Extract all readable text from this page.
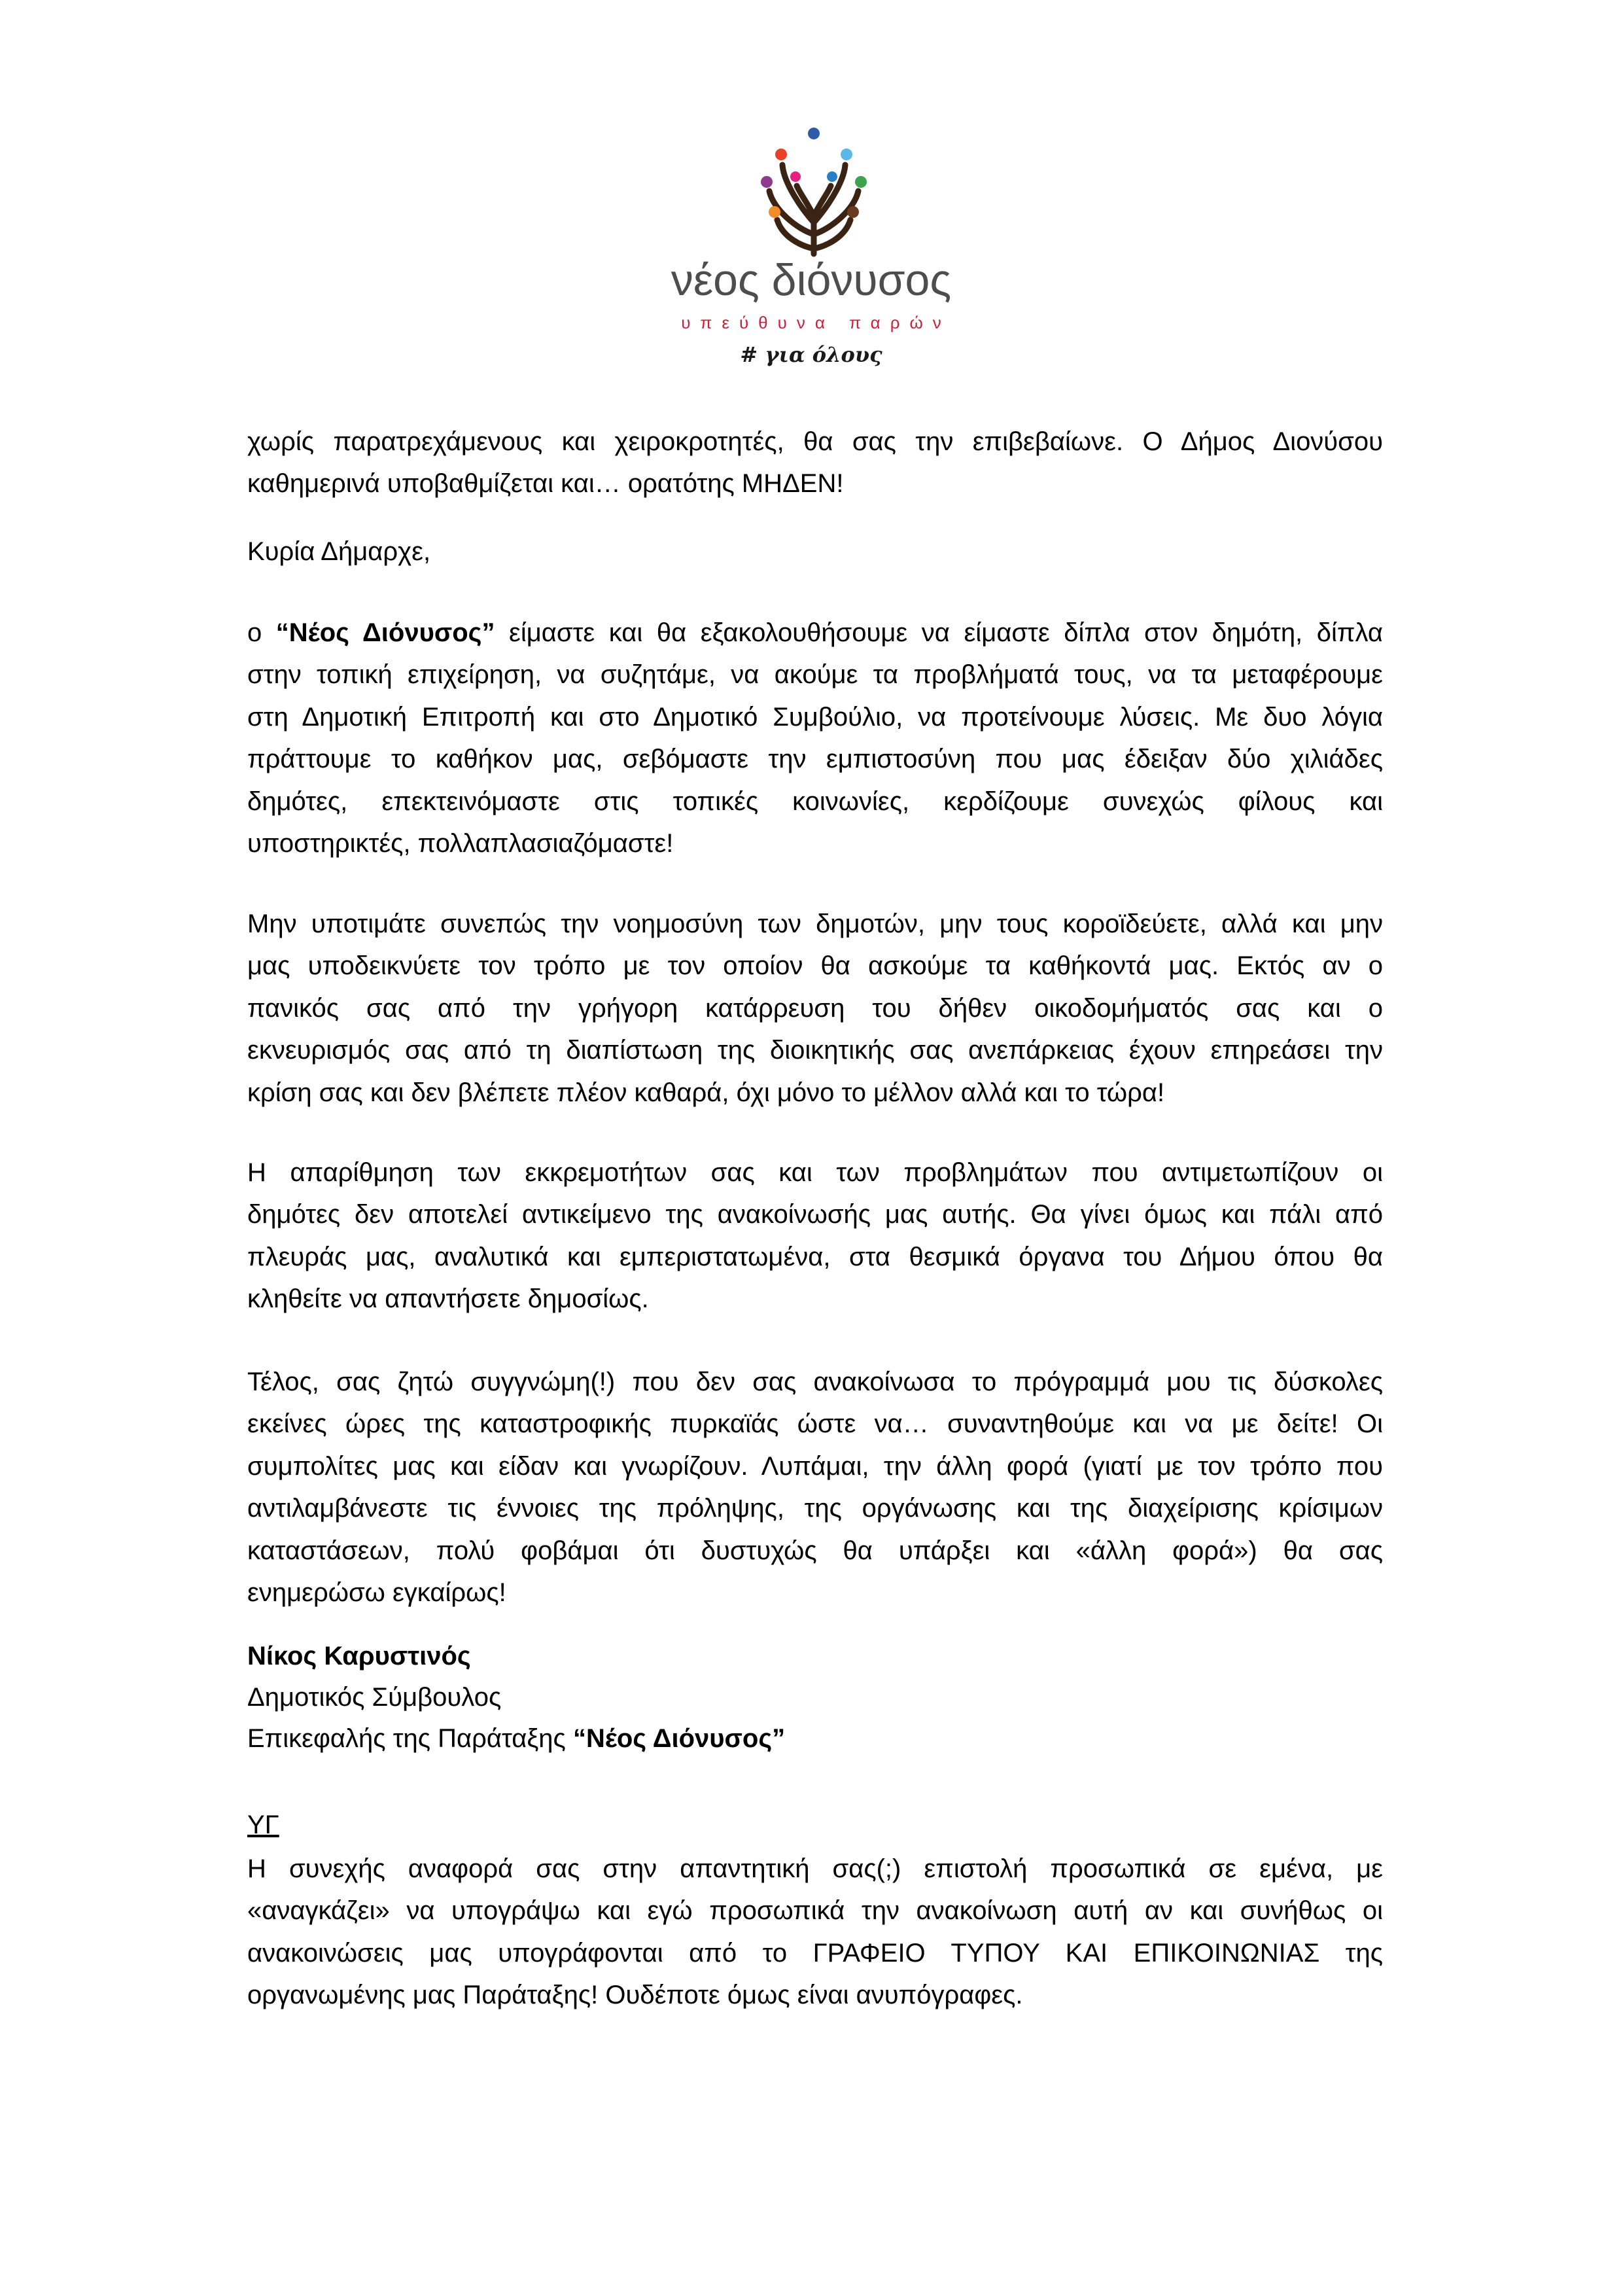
νέος διόνυσος
υπεύθυνα παρών
# για όλους
χωρίς παρατρεχάμενους και χειροκροτητές, θα σας την επιβεβαίωνε. Ο Δήμος Διονύσου
καθημερινά υποβαθμίζεται και… ορατότης ΜΗΔΕΝ!
Κυρία Δήμαρχε,
ο “Νέος Διόνυσος” είμαστε και θα εξακολουθήσουμε να είμαστε δίπλα στον δημότη, δίπλα
στην τοπική επιχείρηση, να συζητάμε, να ακούμε τα προβλήματά τους, να τα μεταφέρουμε
στη Δημοτική Επιτροπή και στο Δημοτικό Συμβούλιο, να προτείνουμε λύσεις. Με δυο λόγια
πράττουμε το καθήκον μας, σεβόμαστε την εμπιστοσύνη που μας έδειξαν δύο χιλιάδες
δημότες, επεκτεινόμαστε στις τοπικές κοινωνίες, κερδίζουμε συνεχώς φίλους και
υποστηρικτές, πολλαπλασιαζόμαστε!
Μην υποτιμάτε συνεπώς την νοημοσύνη των δημοτών, μην τους κοροϊδεύετε, αλλά και μην
μας υποδεικνύετε τον τρόπο με τον οποίον θα ασκούμε τα καθήκοντά μας. Εκτός αν ο
πανικός σας από την γρήγορη κατάρρευση του δήθεν οικοδομήματός σας και ο
εκνευρισμός σας από τη διαπίστωση της διοικητικής σας ανεπάρκειας έχουν επηρεάσει την
κρίση σας και δεν βλέπετε πλέον καθαρά, όχι μόνο το μέλλον αλλά και το τώρα!
Η απαρίθμηση των εκκρεμοτήτων σας και των προβλημάτων που αντιμετωπίζουν οι
δημότες δεν αποτελεί αντικείμενο της ανακοίνωσής μας αυτής. Θα γίνει όμως και πάλι από
πλευράς μας, αναλυτικά και εμπεριστατωμένα, στα θεσμικά όργανα του Δήμου όπου θα
κληθείτε να απαντήσετε δημοσίως.
Τέλος, σας ζητώ συγγνώμη(!) που δεν σας ανακοίνωσα το πρόγραμμά μου τις δύσκολες
εκείνες ώρες της καταστροφικής πυρκαϊάς ώστε να… συναντηθούμε και να με δείτε! Οι
συμπολίτες μας και είδαν και γνωρίζουν. Λυπάμαι, την άλλη φορά (γιατί με τον τρόπο που
αντιλαμβάνεστε τις έννοιες της πρόληψης, της οργάνωσης και της διαχείρισης κρίσιμων
καταστάσεων, πολύ φοβάμαι ότι δυστυχώς θα υπάρξει και «άλλη φορά») θα σας
ενημερώσω εγκαίρως!
Νίκος Καρυστινός
Δημοτικός Σύμβουλος
Επικεφαλής της Παράταξης “Νέος Διόνυσος”
ΥΓ
Η συνεχής αναφορά σας στην απαντητική σας(;) επιστολή προσωπικά σε εμένα, με
«αναγκάζει» να υπογράψω και εγώ προσωπικά την ανακοίνωση αυτή αν και συνήθως οι
ανακοινώσεις μας υπογράφονται από το ΓΡΑΦΕΙΟ ΤΥΠΟΥ ΚΑΙ ΕΠΙΚΟΙΝΩΝΙΑΣ της
οργανωμένης μας Παράταξης! Ουδέποτε όμως είναι ανυπόγραφες.
